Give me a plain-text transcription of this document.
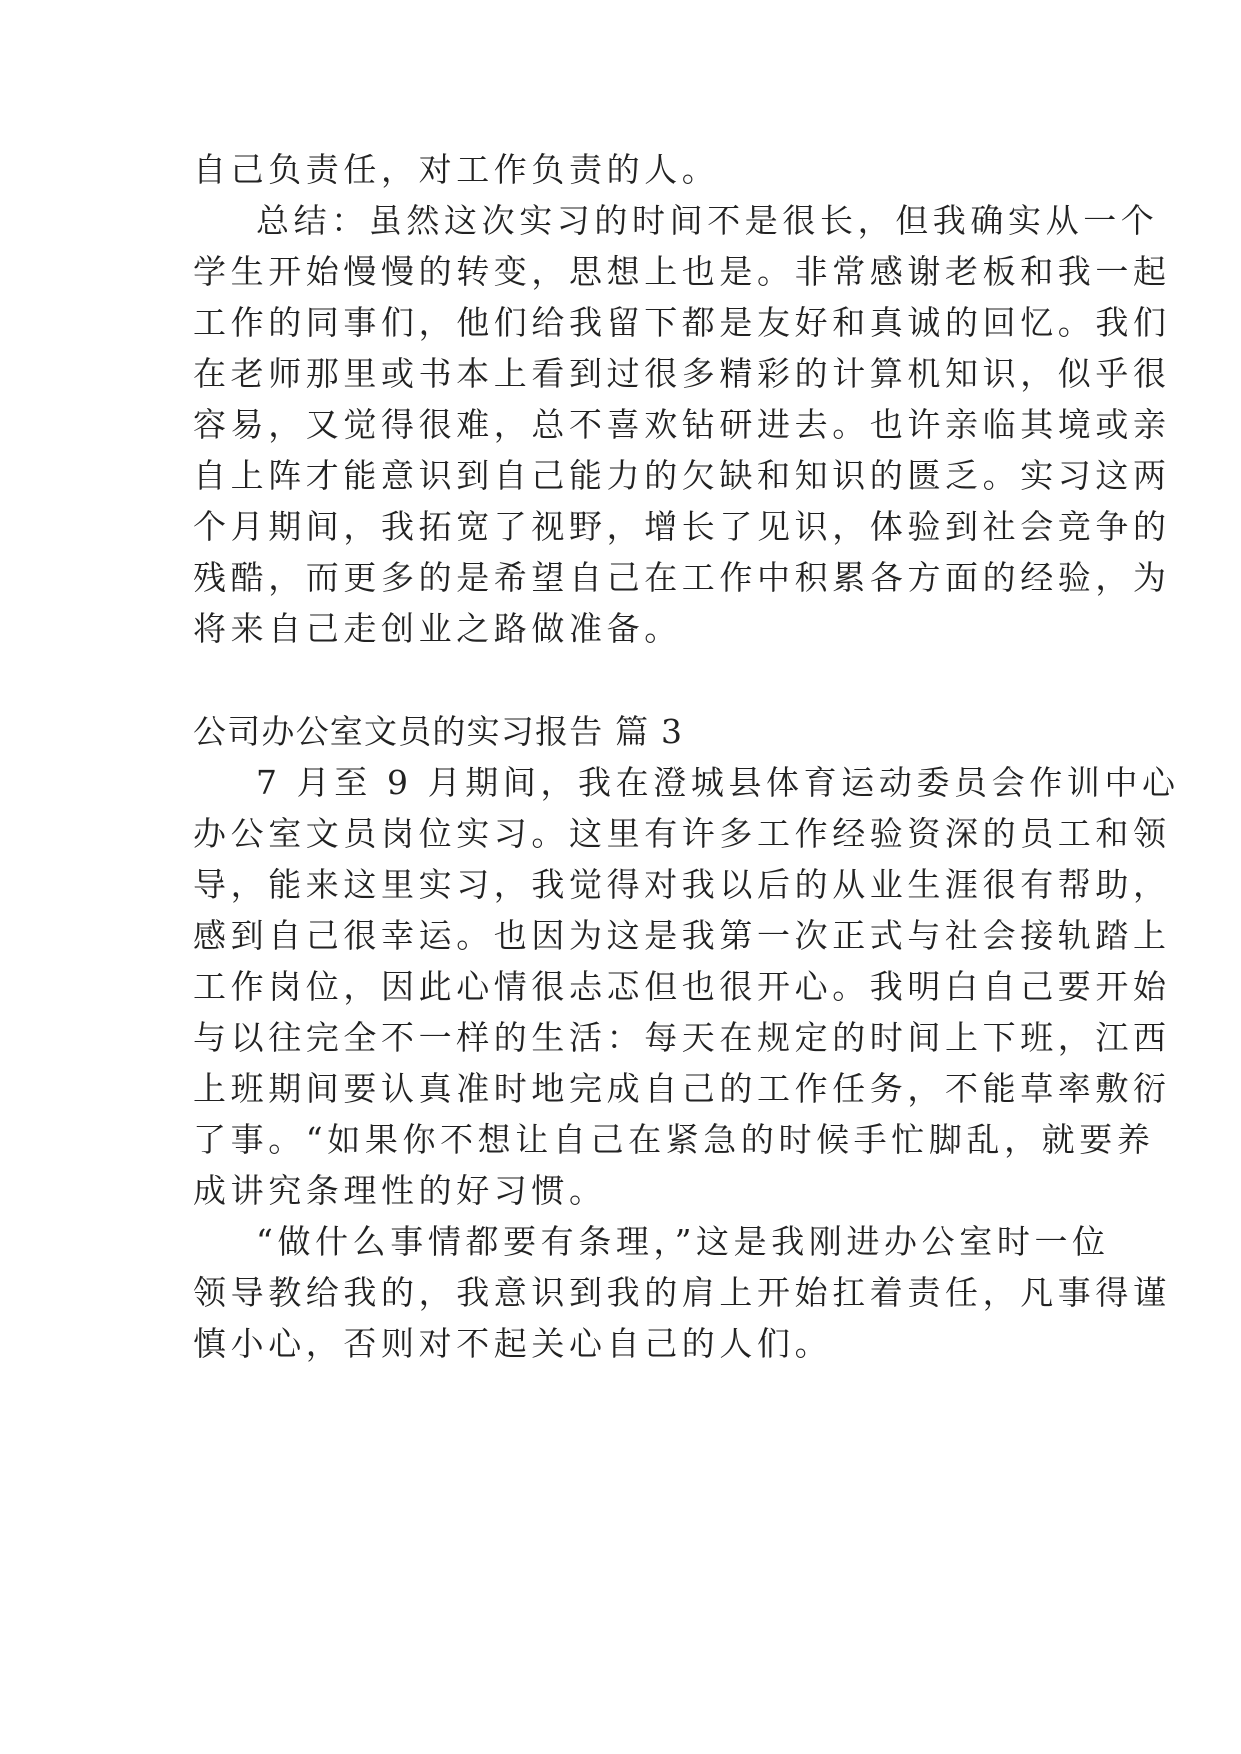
自己负责任，对工作负责的人。
总结：虽然这次实习的时间不是很长，但我确实从一个
学生开始慢慢的转变，思想上也是。非常感谢老板和我一起
工作的同事们，他们给我留下都是友好和真诚的回忆。我们
在老师那里或书本上看到过很多精彩的计算机知识，似乎很
容易，又觉得很难，总不喜欢钻研进去。也许亲临其境或亲
自上阵才能意识到自己能力的欠缺和知识的匮乏。实习这两
个月期间，我拓宽了视野，增长了见识，体验到社会竞争的
残酷，而更多的是希望自己在工作中积累各方面的经验，为
将来自己走创业之路做准备。
公司办公室文员的实习报告 篇 3
7 月至 9 月期间，我在澄城县体育运动委员会作训中心
办公室文员岗位实习。这里有许多工作经验资深的员工和领
导，能来这里实习，我觉得对我以后的从业生涯很有帮助，
感到自己很幸运。也因为这是我第一次正式与社会接轨踏上
工作岗位，因此心情很忐忑但也很开心。我明白自己要开始
与以往完全不一样的生活：每天在规定的时间上下班，江西
上班期间要认真准时地完成自己的工作任务，不能草率敷衍
了事。“如果你不想让自己在紧急的时候手忙脚乱，就要养
成讲究条理性的好习惯。
“做什么事情都要有条理，”这是我刚进办公室时一位
领导教给我的，我意识到我的肩上开始扛着责任，凡事得谨
慎小心，否则对不起关心自己的人们。
